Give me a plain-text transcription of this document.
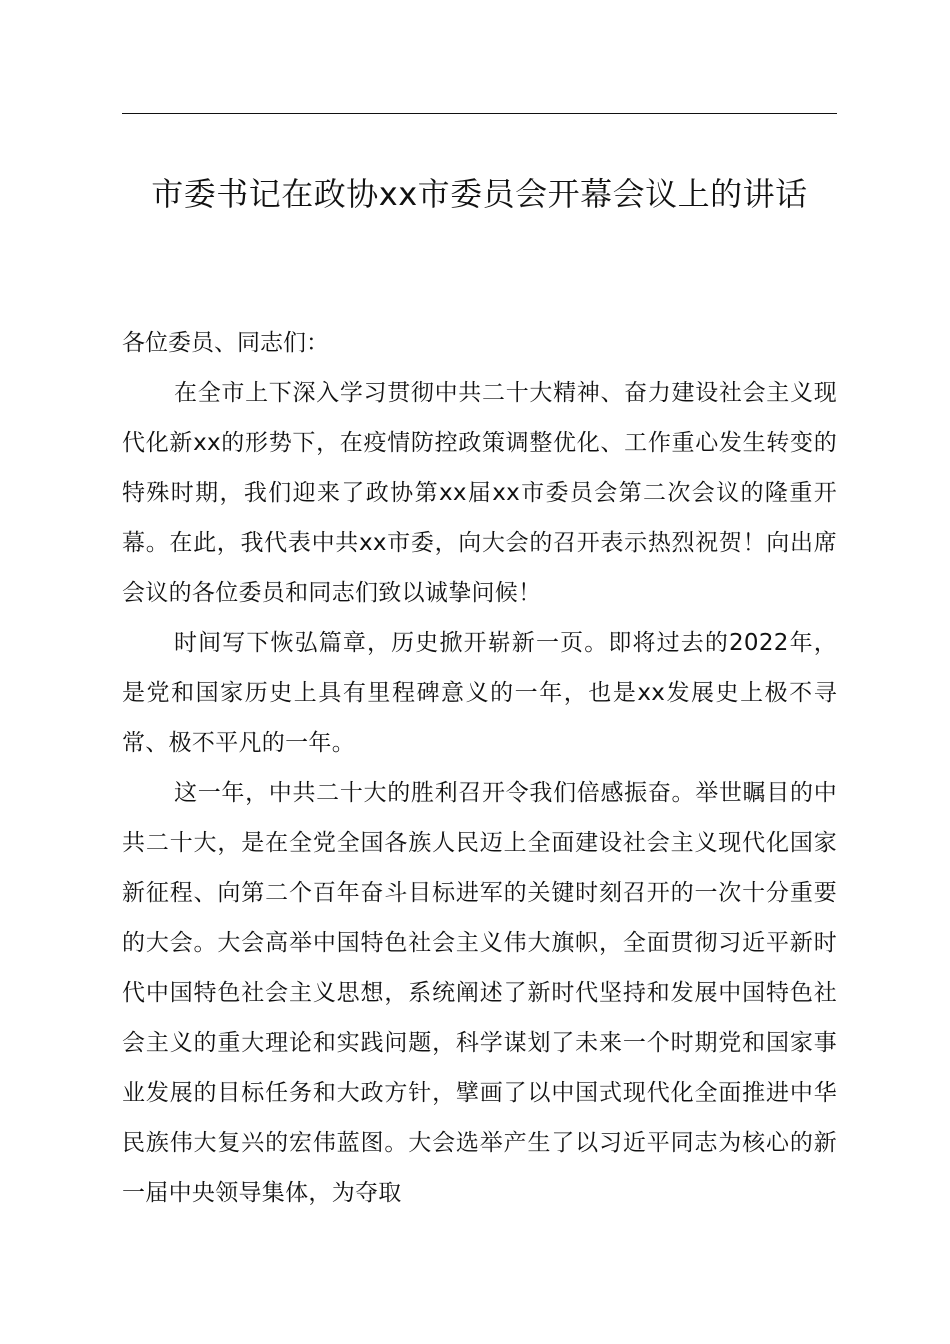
市委书记在政协xx市委员会开幕会议上的讲话

各位委员、同志们：

在全市上下深入学习贯彻中共二十大精神、奋力建设社会主义现代化新xx的形势下，在疫情防控政策调整优化、工作重心发生转变的特殊时期，我们迎来了政协第xx届xx市委员会第二次会议的隆重开幕。在此，我代表中共xx市委，向大会的召开表示热烈祝贺！向出席会议的各位委员和同志们致以诚挚问候！

时间写下恢弘篇章，历史掀开崭新一页。即将过去的2022年，是党和国家历史上具有里程碑意义的一年，也是xx发展史上极不寻常、极不平凡的一年。

这一年，中共二十大的胜利召开令我们倍感振奋。举世瞩目的中共二十大，是在全党全国各族人民迈上全面建设社会主义现代化国家新征程、向第二个百年奋斗目标进军的关键时刻召开的一次十分重要的大会。大会高举中国特色社会主义伟大旗帜，全面贯彻习近平新时代中国特色社会主义思想，系统阐述了新时代坚持和发展中国特色社会主义的重大理论和实践问题，科学谋划了未来一个时期党和国家事业发展的目标任务和大政方针，擘画了以中国式现代化全面推进中华民族伟大复兴的宏伟蓝图。大会选举产生了以习近平同志为核心的新一届中央领导集体，为夺取
